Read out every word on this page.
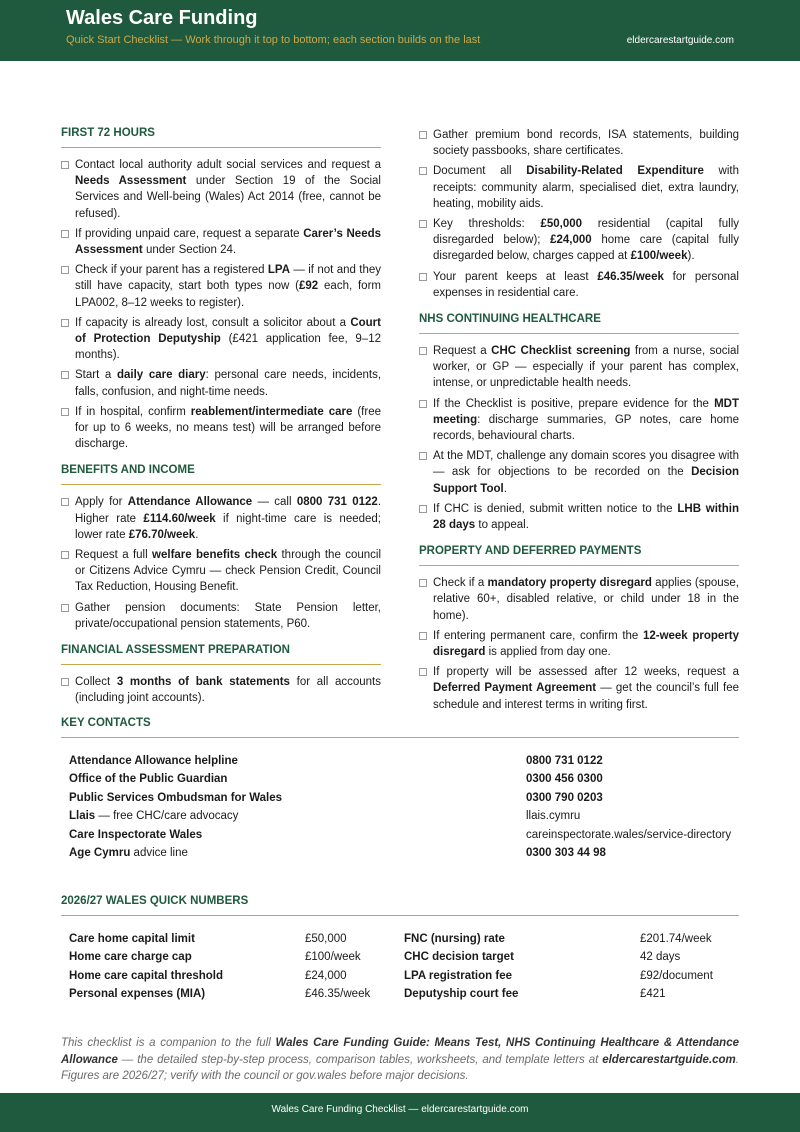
Wales Care Funding
Quick Start Checklist — Work through it top to bottom; each section builds on the last	eldercarestartguide.com
FIRST 72 HOURS
Contact local authority adult social services and request a Needs Assessment under Section 19 of the Social Services and Well-being (Wales) Act 2014 (free, cannot be refused).
If providing unpaid care, request a separate Carer’s Needs Assessment under Section 24.
Check if your parent has a registered LPA — if not and they still have capacity, start both types now (£92 each, form LPA002, 8–12 weeks to register).
If capacity is already lost, consult a solicitor about a Court of Protection Deputyship (£421 application fee, 9–12 months).
Start a daily care diary: personal care needs, incidents, falls, confusion, and night-time needs.
If in hospital, confirm reablement/intermediate care (free for up to 6 weeks, no means test) will be arranged before discharge.
BENEFITS AND INCOME
Apply for Attendance Allowance — call 0800 731 0122. Higher rate £114.60/week if night-time care is needed; lower rate £76.70/week.
Request a full welfare benefits check through the council or Citizens Advice Cymru — check Pension Credit, Council Tax Reduction, Housing Benefit.
Gather pension documents: State Pension letter, private/occupational pension statements, P60.
FINANCIAL ASSESSMENT PREPARATION
Collect 3 months of bank statements for all accounts (including joint accounts).
Gather premium bond records, ISA statements, building society passbooks, share certificates.
Document all Disability-Related Expenditure with receipts: community alarm, specialised diet, extra laundry, heating, mobility aids.
Key thresholds: £50,000 residential (capital fully disregarded below); £24,000 home care (capital fully disregarded below, charges capped at £100/week).
Your parent keeps at least £46.35/week for personal expenses in residential care.
NHS CONTINUING HEALTHCARE
Request a CHC Checklist screening from a nurse, social worker, or GP — especially if your parent has complex, intense, or unpredictable health needs.
If the Checklist is positive, prepare evidence for the MDT meeting: discharge summaries, GP notes, care home records, behavioural charts.
At the MDT, challenge any domain scores you disagree with — ask for objections to be recorded on the Decision Support Tool.
If CHC is denied, submit written notice to the LHB within 28 days to appeal.
PROPERTY AND DEFERRED PAYMENTS
Check if a mandatory property disregard applies (spouse, relative 60+, disabled relative, or child under 18 in the home).
If entering permanent care, confirm the 12-week property disregard is applied from day one.
If property will be assessed after 12 weeks, request a Deferred Payment Agreement — get the council’s full fee schedule and interest terms in writing first.
KEY CONTACTS
Attendance Allowance helpline	0800 731 0122
Office of the Public Guardian	0300 456 0300
Public Services Ombudsman for Wales	0300 790 0203
Llais — free CHC/care advocacy	llais.cymru
Care Inspectorate Wales	careinspectorate.wales/service-directory
Age Cymru advice line	0300 303 44 98
2026/27 WALES QUICK NUMBERS
Care home capital limit	£50,000
Home care charge cap	£100/week
Home care capital threshold	£24,000
Personal expenses (MIA)	£46.35/week
FNC (nursing) rate	£201.74/week
CHC decision target	42 days
LPA registration fee	£92/document
Deputyship court fee	£421
This checklist is a companion to the full Wales Care Funding Guide: Means Test, NHS Continuing Healthcare & Attendance Allowance — the detailed step-by-step process, comparison tables, worksheets, and template letters at eldercarestartguide.com. Figures are 2026/27; verify with the council or gov.wales before major decisions.
Wales Care Funding Checklist — eldercarestartguide.com
